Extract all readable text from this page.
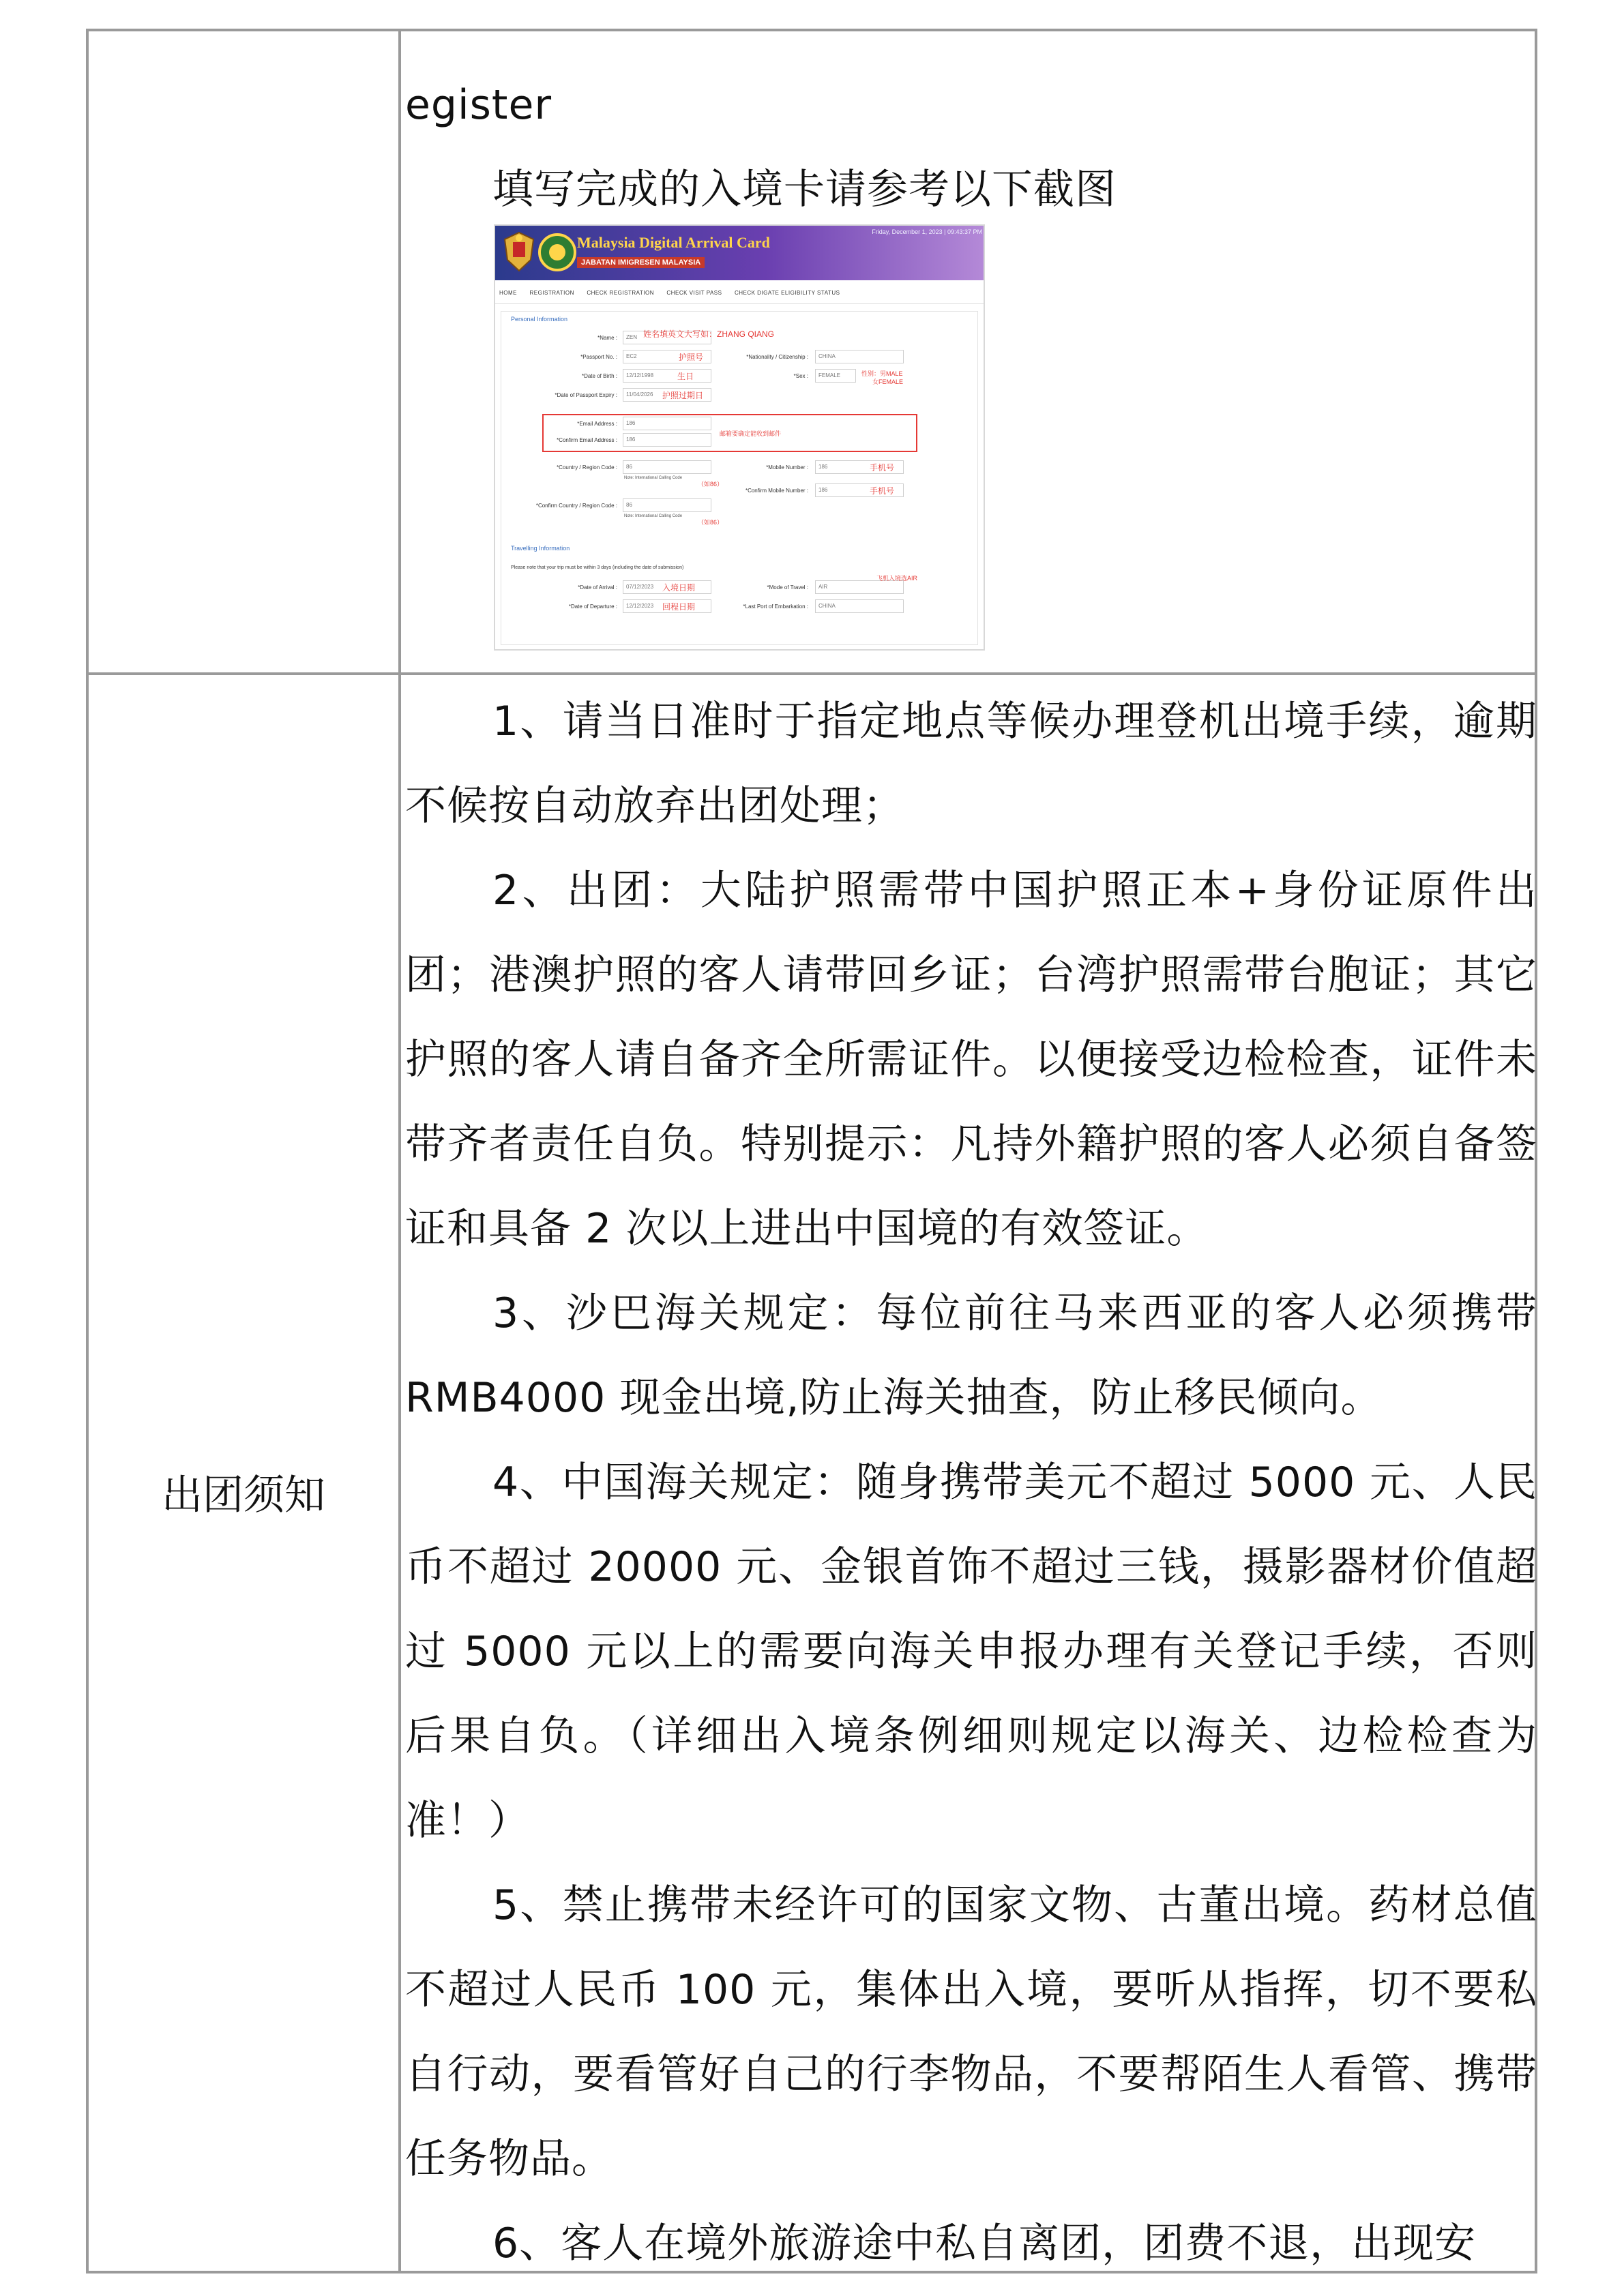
egister

填写完成的入境卡请参考以下截图

Malaysia Digital Arrival Card
JABATAN IMIGRESEN MALAYSIA
Friday, December 1, 2023 | 09:43:37 PM
HOME REGISTRATION CHECK REGISTRATION CHECK VISIT PASS CHECK DIGATE ELIGIBILITY STATUS
Personal Information
*Name :	ZEN 姓名填英文大写如：ZHANG QIANG
*Passport No. :	EC2	护照号	*Nationality / Citizenship :	CHINA
*Date of Birth :	12/12/1998	生日	*Sex :	FEMALE	性别：男MALE
女FEMALE
*Date of Passport Expiry :	11/04/2026	护照过期日
*Email Address :	186
*Confirm Email Address :	186
邮箱要确定能收到邮件
*Country / Region Code :	86
Note: International Calling Code
（如86）
*Mobile Number :	186	手机号
*Confirm Mobile Number :	186	手机号
*Confirm Country / Region Code :	86
Note: International Calling Code
（如86）
Travelling Information
Please note that your trip must be within 3 days (including the date of submission)
*Date of Arrival :	07/12/2023	入境日期	*Mode of Travel :	AIR
飞机入境选AIR
*Date of Departure :	12/12/2023	回程日期	*Last Port of Embarkation :	CHINA
出团须知

1、请当日准时于指定地点等候办理登机出境手续，逾期不候按自动放弃出团处理；

2、出团：大陆护照需带中国护照正本+身份证原件出团；港澳护照的客人请带回乡证；台湾护照需带台胞证；其它护照的客人请自备齐全所需证件。以便接受边检检查，证件未带齐者责任自负。特别提示：凡持外籍护照的客人必须自备签证和具备 2 次以上进出中国境的有效签证。

3、沙巴海关规定：每位前往马来西亚的客人必须携带 RMB4000 现金出境,防止海关抽查，防止移民倾向。

4、中国海关规定：随身携带美元不超过 5000 元、人民币不超过 20000 元、金银首饰不超过三钱，摄影器材价值超过 5000 元以上的需要向海关申报办理有关登记手续，否则后果自负。（详细出入境条例细则规定以海关、边检检查为准！）

5、禁止携带未经许可的国家文物、古董出境。药材总值不超过人民币 100 元，集体出入境，要听从指挥，切不要私自行动，要看管好自己的行李物品，不要帮陌生人看管、携带任务物品。

6、客人在境外旅游途中私自离团，团费不退，出现安
